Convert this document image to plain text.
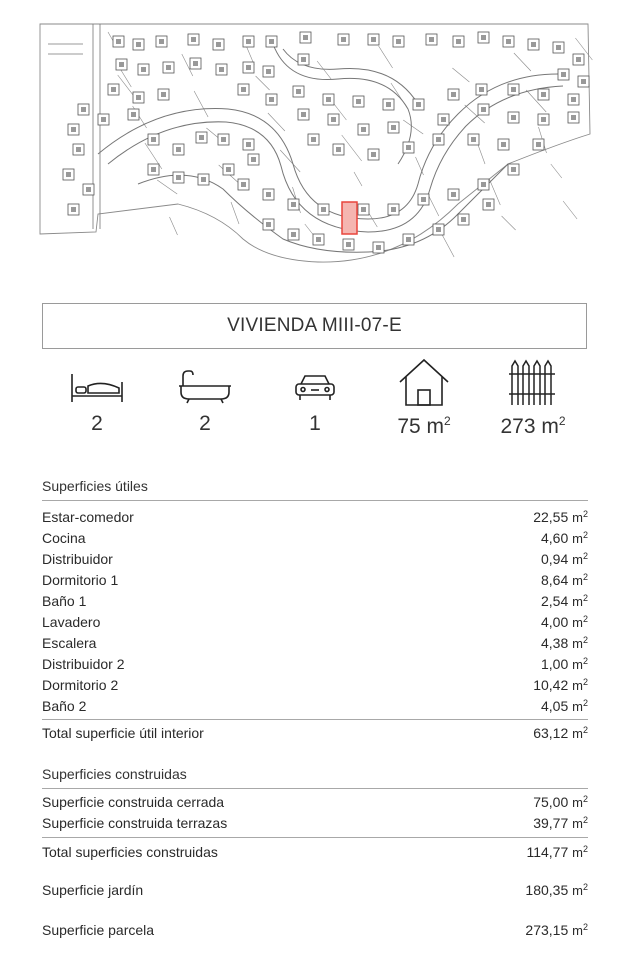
VIVIENDA MIII-07-E
2	2	1	75 $m^2$	273 $m^2$
Superficies útiles
Estar-comedor	22,55 $m^2$
Cocina	4,60 $m^2$
Distribuidor	0,94 $m^2$
Dormitorio 1	8,64 $m^2$
Baño 1	2,54 $m^2$
Lavadero	4,00 $m^2$
Escalera	4,38 $m^2$
Distribuidor 2	1,00 $m^2$
Dormitorio 2	10,42 $m^2$
Baño 2	4,05 $m^2$
Total superficie útil interior	63,12 $m^2$
Superficies construidas
Superficie construida cerrada	75,00 $m^2$
Superficie construida terrazas	39,77 $m^2$
Total superficies construidas	114,77 $m^2$
Superficie jardín	180,35 $m^2$
Superficie parcela	273,15 $m^2$
